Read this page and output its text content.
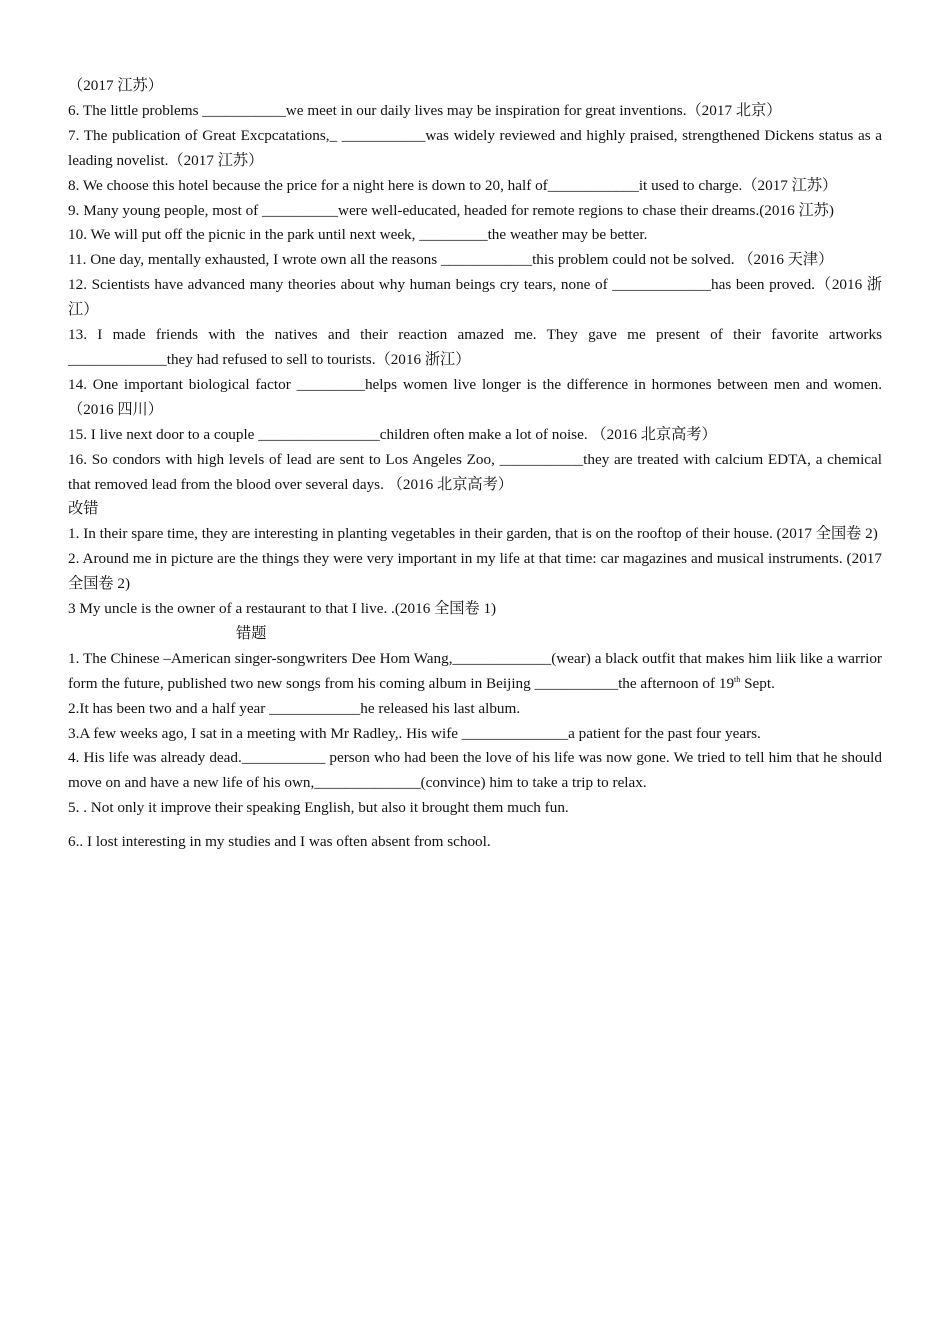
（2017 江苏）

6. The little problems ___________we meet in our daily lives may be inspiration for great inventions.（2017 北京）

7. The publication of Great Excpcatations,_ ___________was widely reviewed and highly praised, strengthened Dickens status as a leading novelist.（2017 江苏）

8. We choose this hotel because the price for a night here is down to 20, half of____________it used to charge.（2017 江苏）

9. Many young people, most of __________were well-educated, headed for remote regions to chase their dreams.(2016 江苏)

10. We will put off the picnic in the park until next week, _________the weather may be better.

11. One day, mentally exhausted, I wrote own all the reasons ____________this problem could not be solved. （2016 天津）

12. Scientists have advanced many theories about why human beings cry tears, none of _____________has been proved.（2016 浙江）

13. I made friends with the natives and their reaction amazed me. They gave me present of their favorite artworks _____________they had refused to sell to tourists.（2016 浙江）

14. One important biological factor _________helps women live longer is the difference in hormones between men and women.（2016 四川）

15. I live next door to a couple ________________children often make a lot of noise. （2016 北京高考）

16. So condors with high levels of lead are sent to Los Angeles Zoo, ___________they are treated with calcium EDTA, a chemical that removed lead from the blood over several days. （2016 北京高考）

改错

1. In their spare time, they are interesting in planting vegetables in their garden, that is on the rooftop of their house. (2017 全国卷 2)

2. Around me in picture are the things they were very important in my life at that time: car magazines and musical instruments. (2017 全国卷 2)

3 My uncle is the owner of a restaurant to that I live. .(2016 全国卷 1)

错题

1. The Chinese –American singer-songwriters Dee Hom Wang,_____________(wear) a black outfit that makes him liik like a warrior form the future, published two new songs from his coming album in Beijing ___________the afternoon of 19th Sept.

2.It has been two and a half year ____________he released his last album.

3.A few weeks ago, I sat in a meeting with Mr Radley,. His wife ______________a patient for the past four years.

4. His life was already dead.___________ person who had been the love of his life was now gone. We tried to tell him that he should move on and have a new life of his own,______________(convince) him to take a trip to relax.

5. . Not only it improve their speaking English, but also it brought them much fun.

6.. I lost interesting in my studies and I was often absent from school.
